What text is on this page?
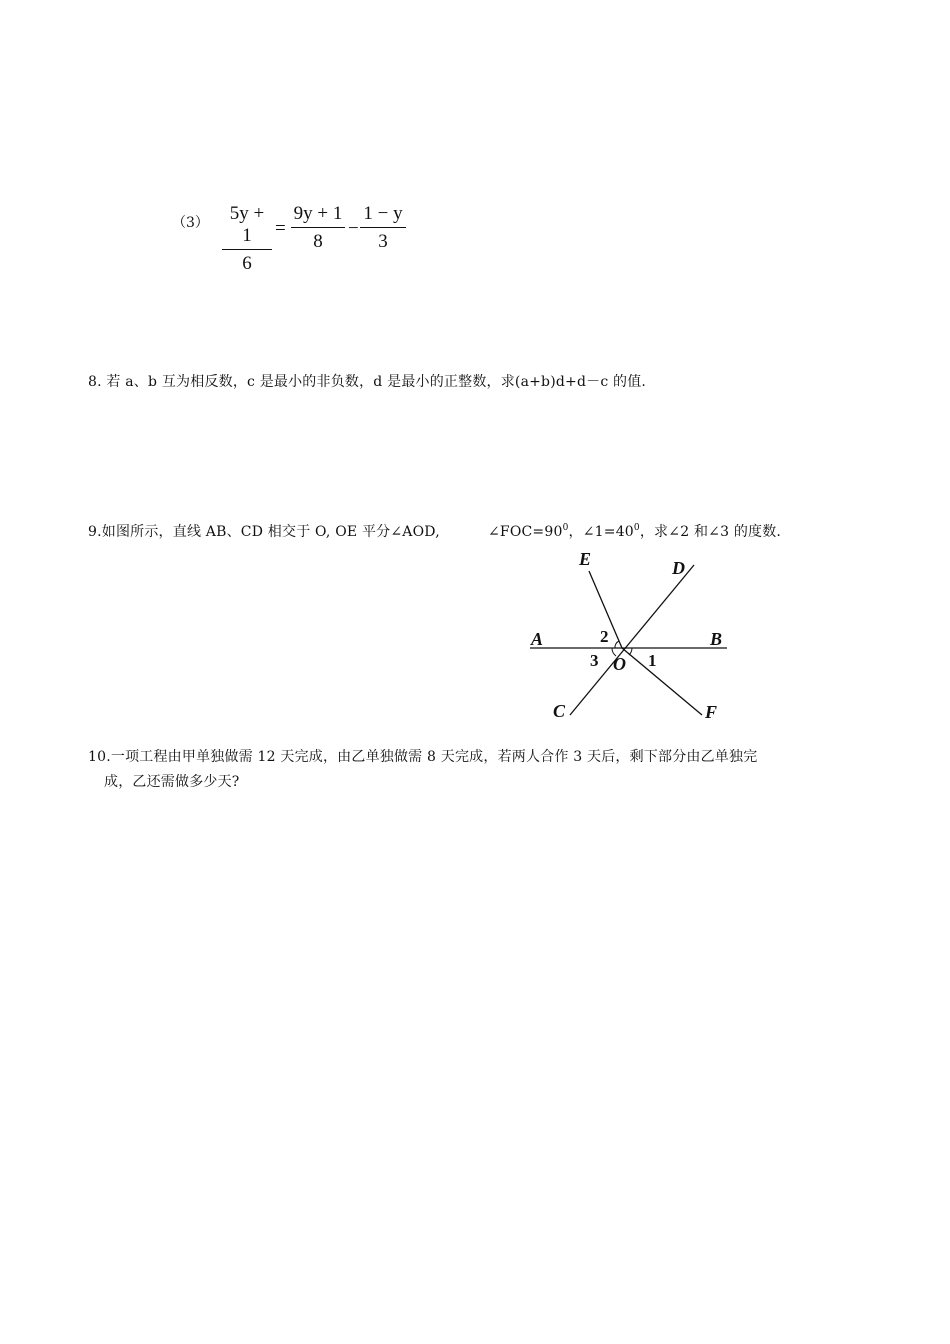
（3）	5y + 1
6
=
9y + 1
8
−
1 − y
3
8. 若 a、b 互为相反数，c 是最小的非负数，d 是最小的正整数，求(a+b)d+d－c 的值.
9.如图所示，直线 AB、CD 相交于 O, OE 平分∠AOD,	$\angle FOC=90^0$，$\angle 1=40^0$，求∠2 和∠3 的度数.
E	D
A	B
O
C	F
2
3	1
10.一项工程由甲单独做需 12 天完成，由乙单独做需 8 天完成，若两人合作 3 天后，剩下部分由乙单独完
成，乙还需做多少天?
